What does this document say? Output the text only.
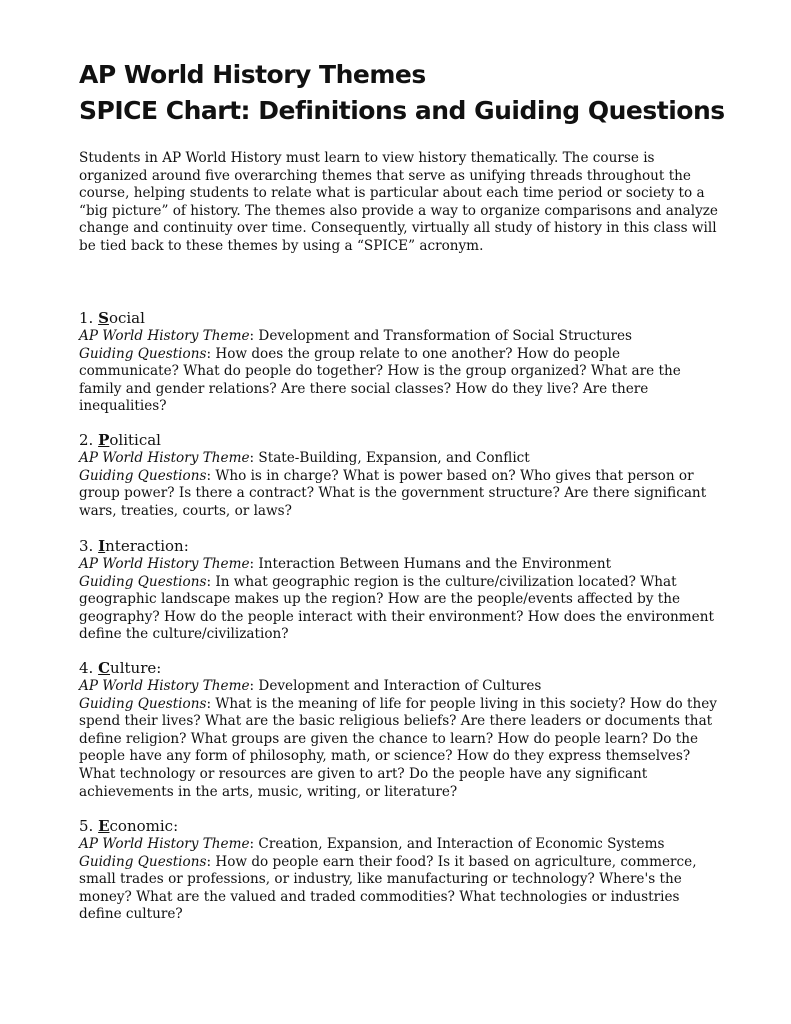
AP World History Themes
SPICE Chart: Definitions and Guiding Questions

Students in AP World History must learn to view history thematically. The course is organized around five overarching themes that serve as unifying threads throughout the course, helping students to relate what is particular about each time period or society to a “big picture” of history. The themes also provide a way to organize comparisons and analyze change and continuity over time. Consequently, virtually all study of history in this class will be tied back to these themes by using a “SPICE” acronym.

1. Social

AP World History Theme: Development and Transformation of Social Structures

Guiding Questions: How does the group relate to one another? How do people communicate? What do people do together? How is the group organized? What are the family and gender relations? Are there social classes? How do they live? Are there inequalities?

2. Political

AP World History Theme: State-Building, Expansion, and Conflict

Guiding Questions: Who is in charge? What is power based on? Who gives that person or group power? Is there a contract? What is the government structure? Are there significant wars, treaties, courts, or laws?

3. Interaction:

AP World History Theme: Interaction Between Humans and the Environment

Guiding Questions: In what geographic region is the culture/civilization located? What geographic landscape makes up the region? How are the people/events affected by the geography? How do the people interact with their environment? How does the environment define the culture/civilization?

4. Culture:

AP World History Theme: Development and Interaction of Cultures

Guiding Questions: What is the meaning of life for people living in this society? How do they spend their lives? What are the basic religious beliefs? Are there leaders or documents that define religion? What groups are given the chance to learn? How do people learn? Do the people have any form of philosophy, math, or science? How do they express themselves? What technology or resources are given to art? Do the people have any significant achievements in the arts, music, writing, or literature?

5. Economic:

AP World History Theme: Creation, Expansion, and Interaction of Economic Systems

Guiding Questions: How do people earn their food? Is it based on agriculture, commerce, small trades or professions, or industry, like manufacturing or technology? Where's the money? What are the valued and traded commodities? What technologies or industries define culture?
